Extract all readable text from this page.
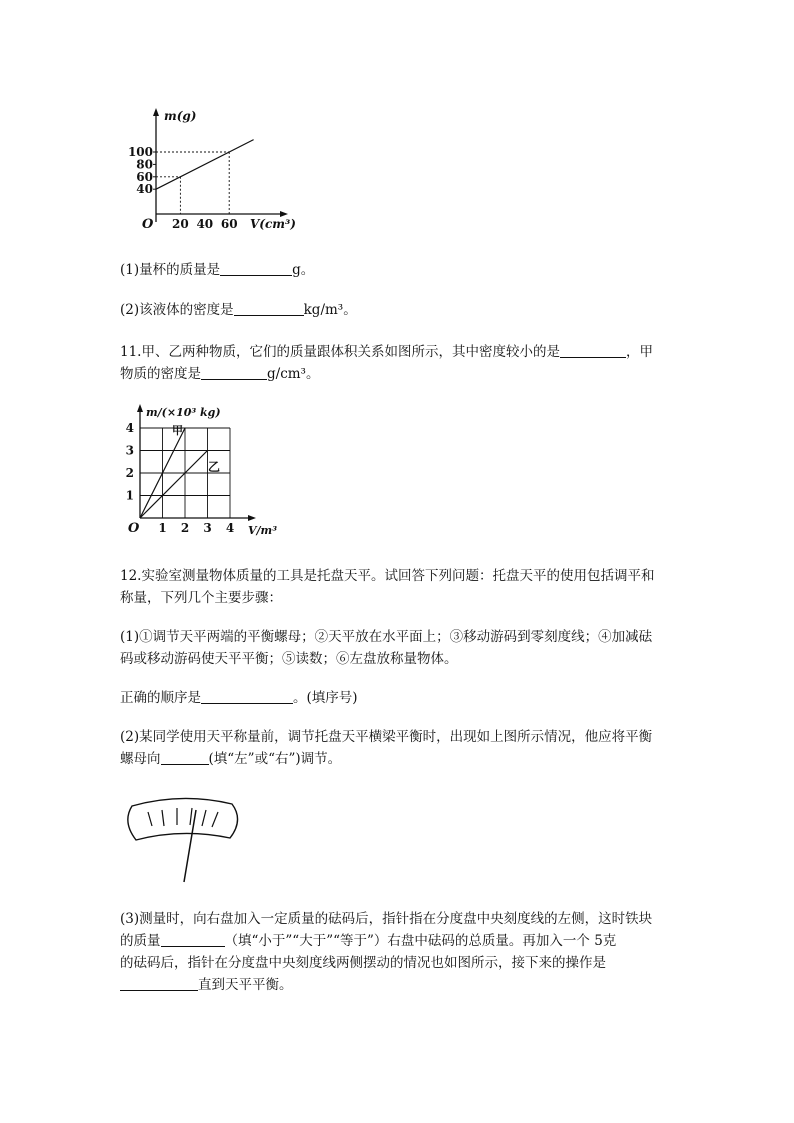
m(g)
V(cm³)
O
100
80
60
40
20 40 60
(1)量杯的质量是	g。
(2)该液体的密度是	kg/m³。
11.甲、乙两种物质，它们的质量跟体积关系如图所示，其中密度较小的是	，甲
物质的密度是	g/cm³。
m/(×10³ kg)
V/m³
O
4
3
2
1
1 2 3 4
甲
乙
12.实验室测量物体质量的工具是托盘天平。试回答下列问题：托盘天平的使用包括调平和
称量，下列几个主要步骤：
(1)①调节天平两端的平衡螺母；②天平放在水平面上；③移动游码到零刻度线；④加减砝
码或移动游码使天平平衡；⑤读数；⑥左盘放称量物体。
正确的顺序是	。(填序号)
(2)某同学使用天平称量前，调节托盘天平横梁平衡时，出现如上图所示情况，他应将平衡
螺母向	(填“左”或“右”)调节。
(3)测量时，向右盘加入一定质量的砝码后，指针指在分度盘中央刻度线的左侧，这时铁块
的质量	（填“小于”“大于”“等于”）右盘中砝码的总质量。再加入一个 5克
的砝码后，指针在分度盘中央刻度线两侧摆动的情况也如图所示，接下来的操作是
直到天平平衡。
